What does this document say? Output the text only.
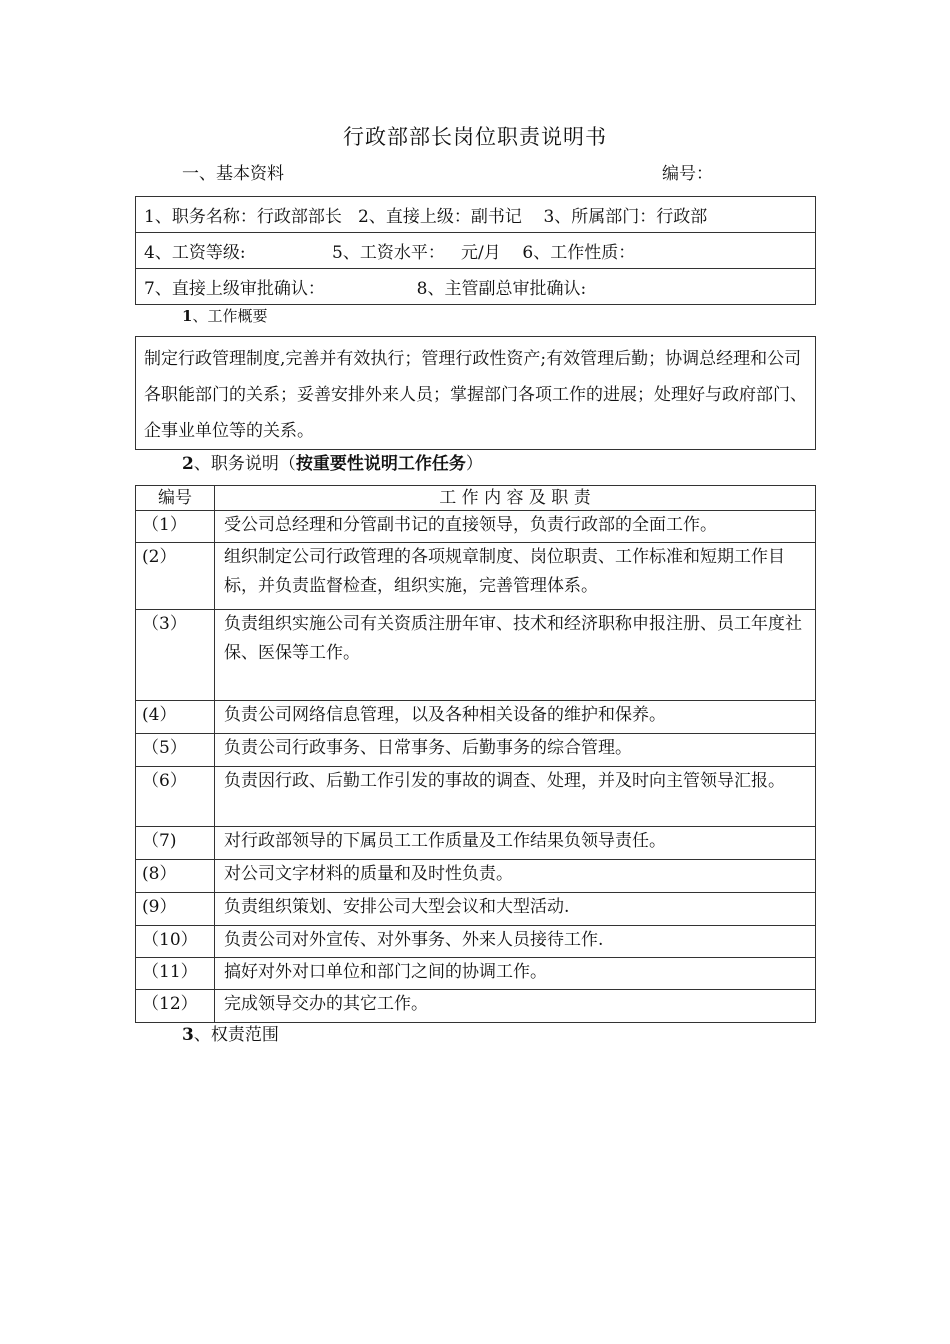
行政部部长岗位职责说明书
一、基本资料	编号：
1、职务名称：行政部部长   2、直接上级：副书记    3、所属部门：行政部
4、工资等级:                5、工资水平：   元/月    6、工作性质：
7、直接上级审批确认：                 8、主管副总审批确认:
1、工作概要
制定行政管理制度,完善并有效执行；管理行政性资产;有效管理后勤；协调总经理和公司各职能部门的关系；妥善安排外来人员；掌握部门各项工作的进展；处理好与政府部门、企事业单位等的关系。
2、职务说明（按重要性说明工作任务）
编号	工 作 内 容 及 职 责
（1）	受公司总经理和分管副书记的直接领导，负责行政部的全面工作。
(2）	组织制定公司行政管理的各项规章制度、岗位职责、工作标准和短期工作目标，并负责监督检查，组织实施，完善管理体系。
（3）	负责组织实施公司有关资质注册年审、技术和经济职称申报注册、员工年度社保、医保等工作。
(4）	负责公司网络信息管理，以及各种相关设备的维护和保养。
（5）	负责公司行政事务、日常事务、后勤事务的综合管理。
（6）	负责因行政、后勤工作引发的事故的调查、处理，并及时向主管领导汇报。
（7)	对行政部领导的下属员工工作质量及工作结果负领导责任。
(8）	对公司文字材料的质量和及时性负责。
(9）	负责组织策划、安排公司大型会议和大型活动.
（10）	负责公司对外宣传、对外事务、外来人员接待工作.
（11）	搞好对外对口单位和部门之间的协调工作。
（12）	完成领导交办的其它工作。
3、权责范围
